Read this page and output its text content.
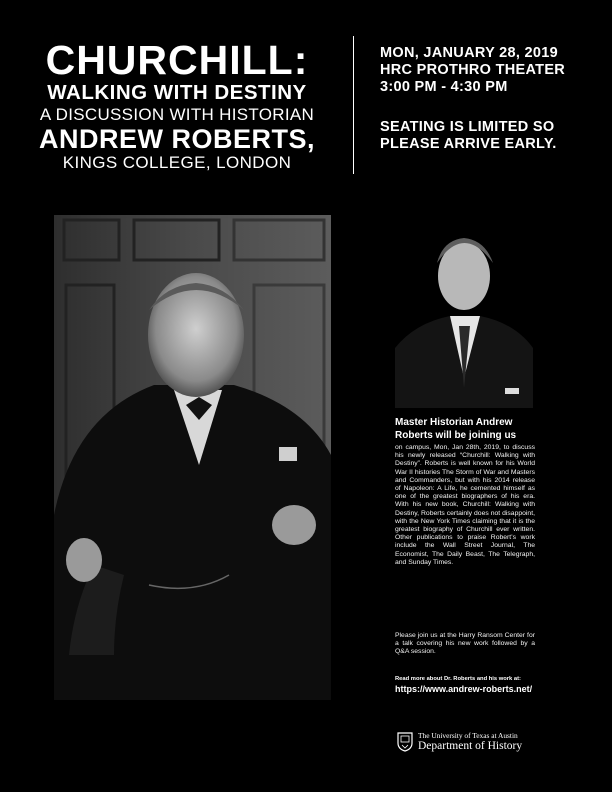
CHURCHILL:
WALKING WITH DESTINY
A DISCUSSION WITH HISTORIAN
ANDREW ROBERTS,
KINGS COLLEGE, LONDON
MON, JANUARY 28, 2019
HRC PROTHRO THEATER
3:00 PM - 4:30 PM
SEATING IS LIMITED SO
PLEASE ARRIVE EARLY.
Master Historian Andrew Roberts will be joining us
on campus, Mon, Jan 28th, 2019, to discuss his newly released “Churchill: Walking with Destiny”. Roberts is well known for his World War II histories The Storm of War and Masters and Commanders, but with his 2014 release of Napoleon: A Life, he cemented himself as one of the greatest biographers of his era. With his new book, Churchill: Walking with Destiny, Roberts certainly does not disappoint, with the New York Times claiming that it is the greatest biography of Churchill ever written. Other publications to praise Robert’s work include the Wall Street Journal, The Economist, The Daily Beast, The Telegraph, and Sunday Times.
Please join us at the Harry Ransom Center for a talk covering his new work followed by a Q&A session.
Read more about Dr. Roberts and his work at:
https://www.andrew-roberts.net/
The University of Texas at Austin
Department of History
